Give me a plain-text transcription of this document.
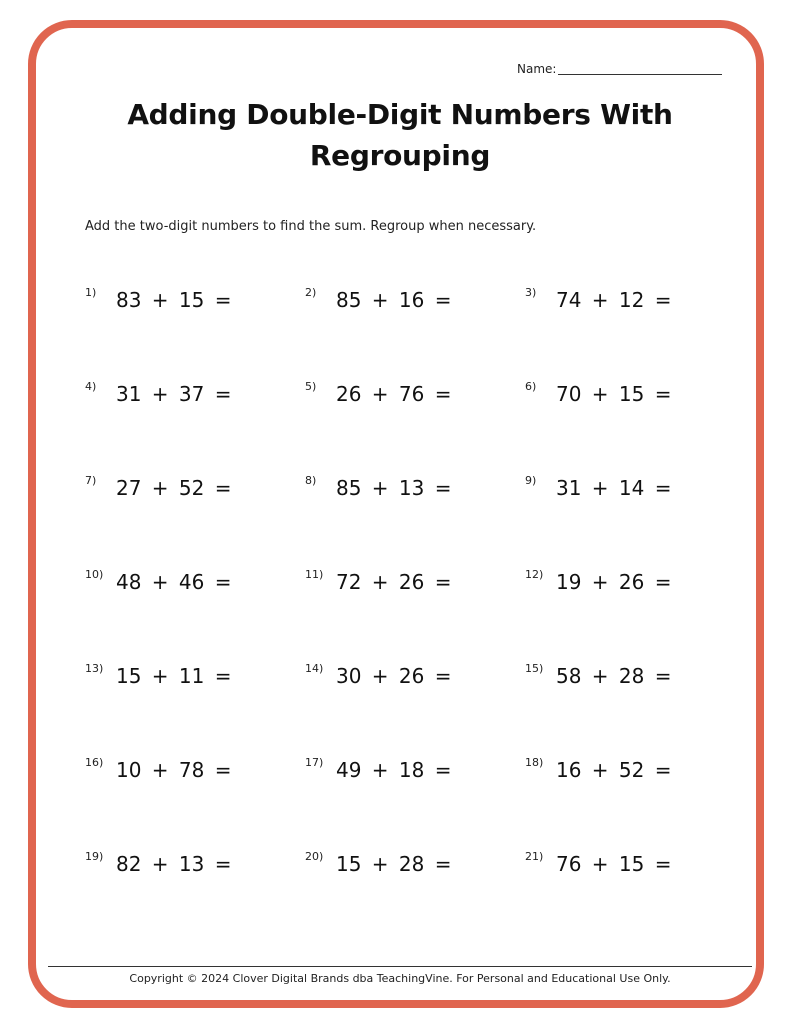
Name:
Adding Double-Digit Numbers With Regrouping
Add the two-digit numbers to find the sum. Regroup when necessary.
1) 83 + 15 =	2) 85 + 16 =	3) 74 + 12 =
4) 31 + 37 =	5) 26 + 76 =	6) 70 + 15 =
7) 27 + 52 =	8) 85 + 13 =	9) 31 + 14 =
10) 48 + 46 =	11) 72 + 26 =	12) 19 + 26 =
13) 15 + 11 =	14) 30 + 26 =	15) 58 + 28 =
16) 10 + 78 =	17) 49 + 18 =	18) 16 + 52 =
19) 82 + 13 =	20) 15 + 28 =	21) 76 + 15 =
Copyright © 2024 Clover Digital Brands dba TeachingVine. For Personal and Educational Use Only.
